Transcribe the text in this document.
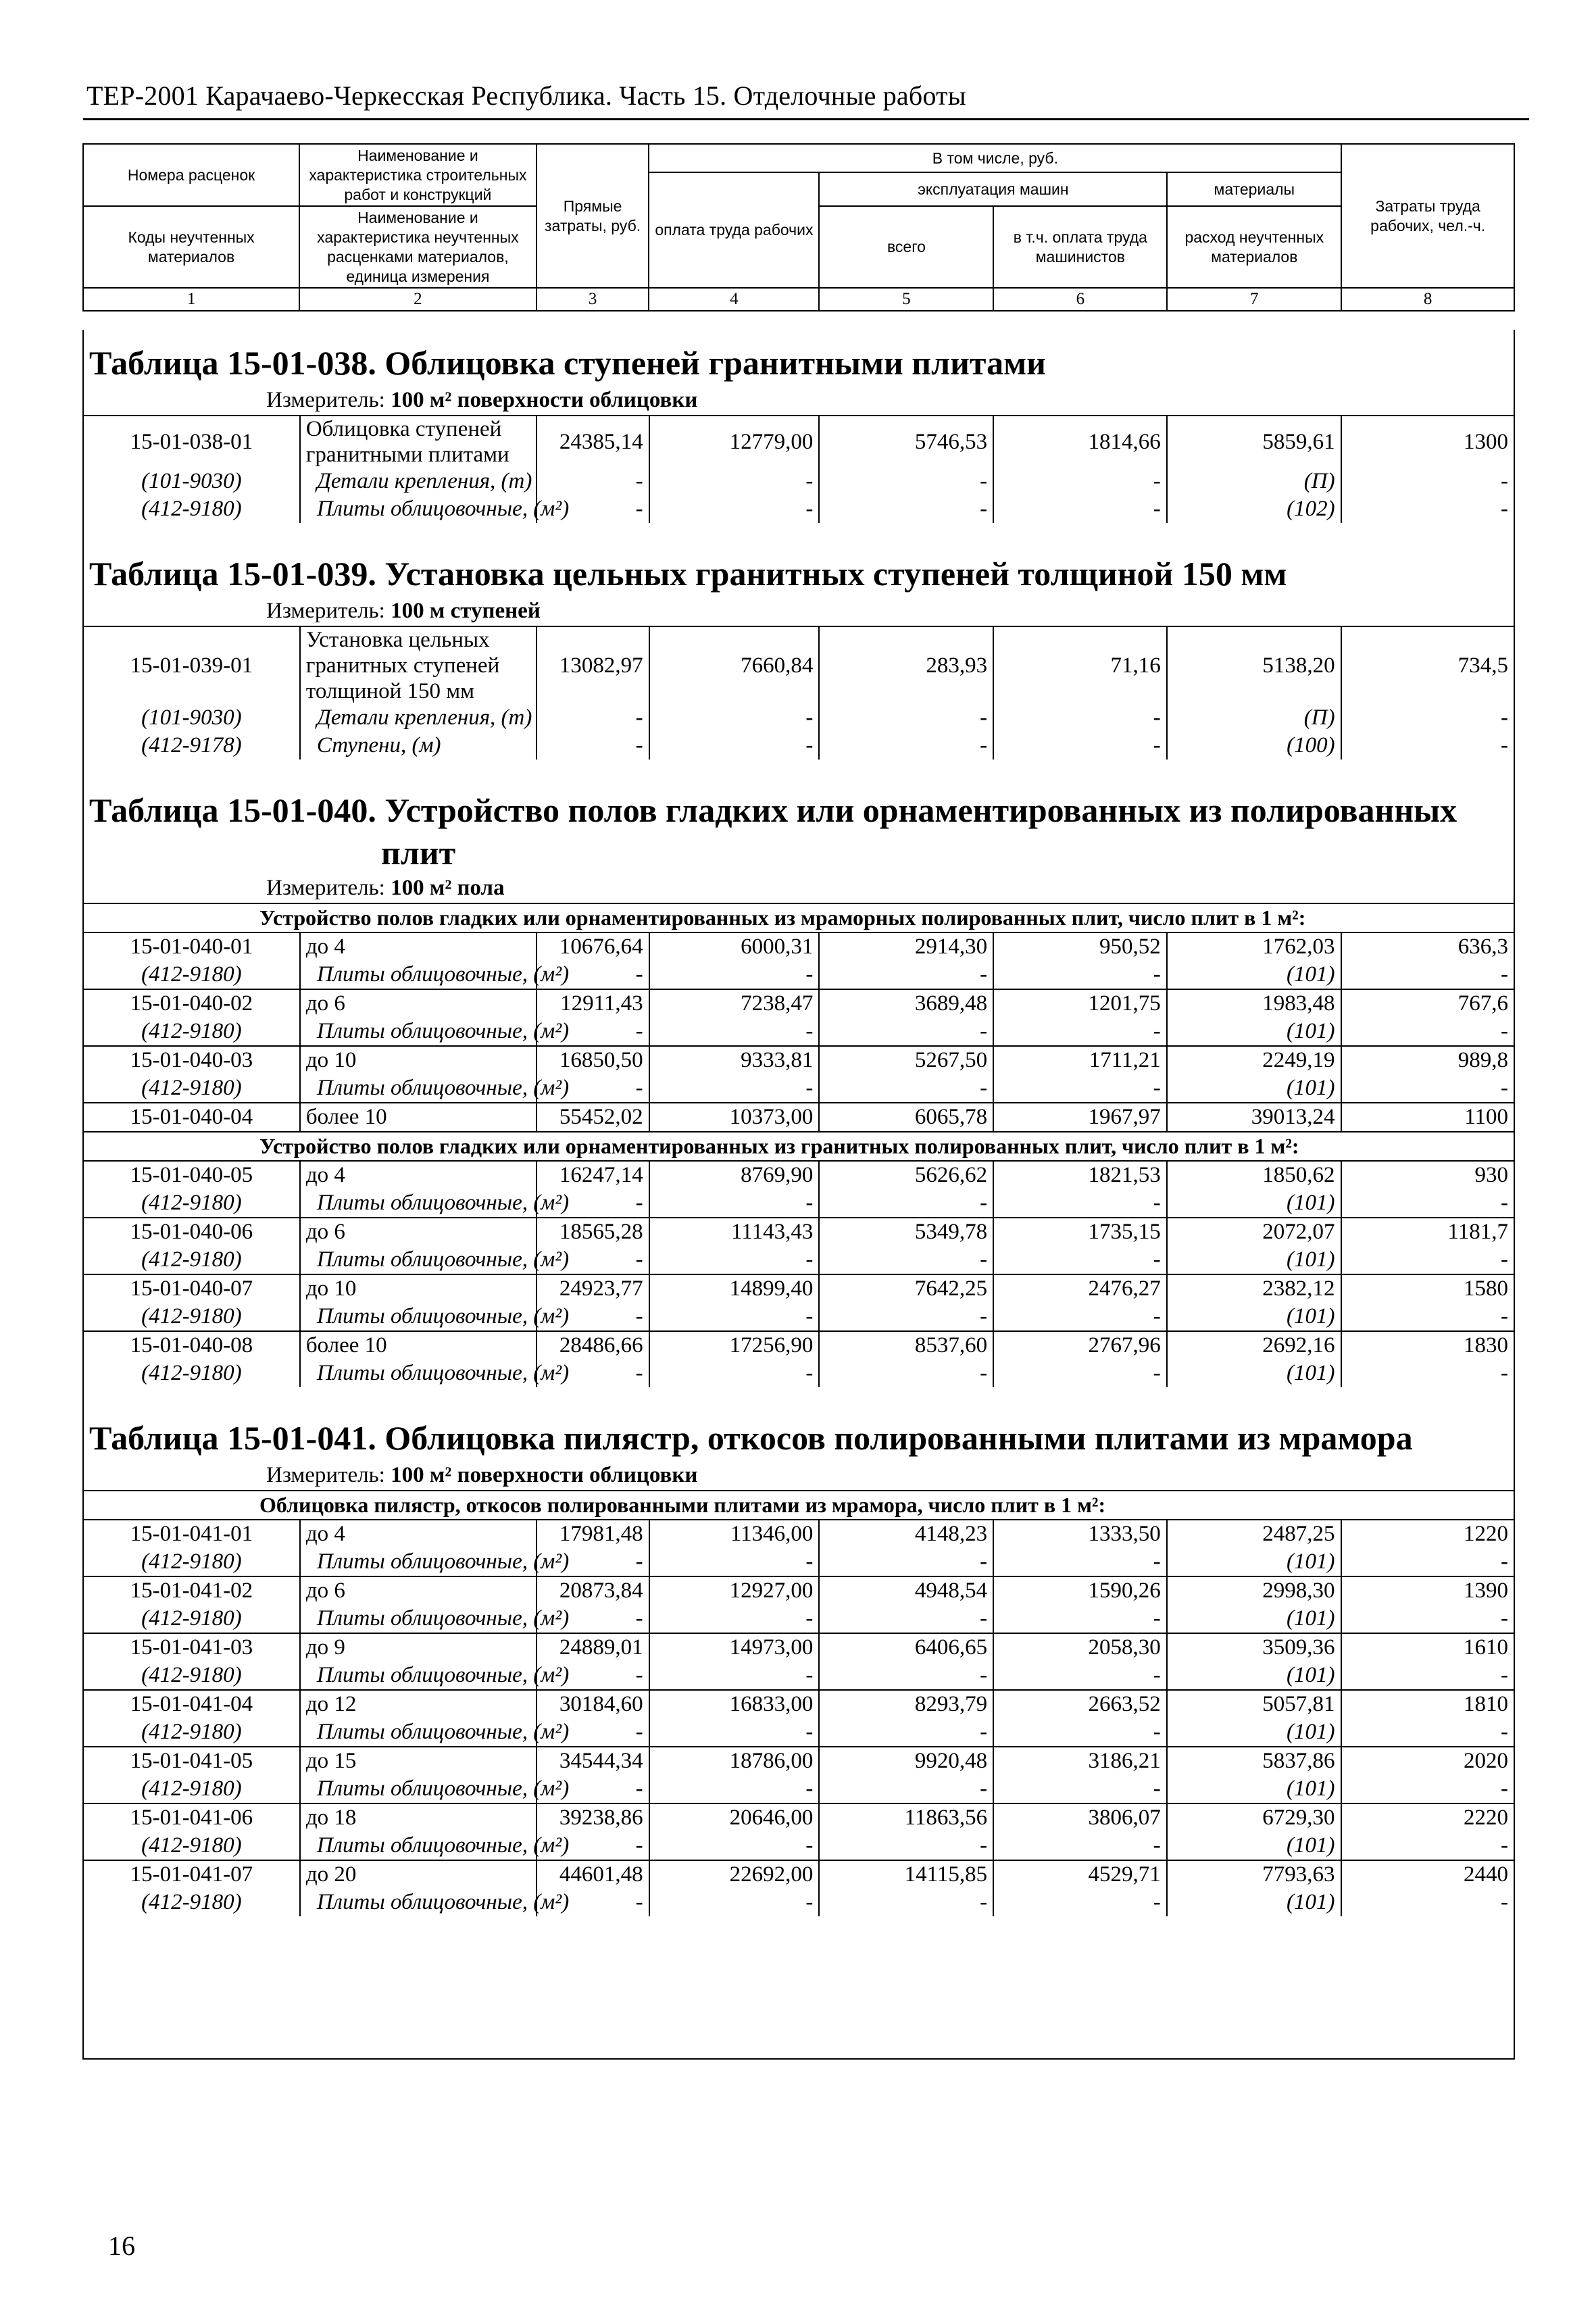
ТЕР-2001 Карачаево-Черкесская Республика. Часть 15. Отделочные работы
Номера расценок	Наименование и характеристика строительных работ и конструкций	Прямые затраты, руб.	В том числе, руб.				Затраты труда рабочих, чел.-ч.
			оплата труда рабочих	эксплуатация машин		материалы	
Коды неучтенных материалов	Наименование и характеристика неучтенных расценками материалов, единица измерения			всего	в т.ч. оплата труда машинистов	расход неучтенных материалов	

1	2	3	4	5	6	7	8
Таблица 15-01-038. Облицовка ступеней гранитными плитами
Измеритель: 100 м² поверхности облицовки
15-01-038-01	Облицовка ступеней гранитными плитами	24385,14	12779,00	5746,53	1814,66	5859,61	1300
(101-9030)	Детали крепления, (т)	-	-	-	-	(П)	-
(412-9180)	Плиты облицовочные, (м²)	-	-	-	-	(102)	-
Таблица 15-01-039. Установка цельных гранитных ступеней толщиной 150 мм
Измеритель: 100 м ступеней
15-01-039-01	Установка цельных гранитных ступеней толщиной 150 мм	13082,97	7660,84	283,93	71,16	5138,20	734,5
(101-9030)	Детали крепления, (т)	-	-	-	-	(П)	-
(412-9178)	Ступени, (м)	-	-	-	-	(100)	-
Таблица 15-01-040. Устройство полов гладких или орнаментированных из полированных
плит
Измеритель: 100 м² пола
Устройство полов гладких или орнаментированных из мраморных полированных плит, число плит в 1 м²:							
15-01-040-01	до 4	10676,64	6000,31	2914,30	950,52	1762,03	636,3
(412-9180)	Плиты облицовочные, (м²)	-	-	-	-	(101)	-
15-01-040-02	до 6	12911,43	7238,47	3689,48	1201,75	1983,48	767,6
(412-9180)	Плиты облицовочные, (м²)	-	-	-	-	(101)	-
15-01-040-03	до 10	16850,50	9333,81	5267,50	1711,21	2249,19	989,8
(412-9180)	Плиты облицовочные, (м²)	-	-	-	-	(101)	-
15-01-040-04	более 10	55452,02	10373,00	6065,78	1967,97	39013,24	1100
Устройство полов гладких или орнаментированных из гранитных полированных плит, число плит в 1 м²:							
15-01-040-05	до 4	16247,14	8769,90	5626,62	1821,53	1850,62	930
(412-9180)	Плиты облицовочные, (м²)	-	-	-	-	(101)	-
15-01-040-06	до 6	18565,28	11143,43	5349,78	1735,15	2072,07	1181,7
(412-9180)	Плиты облицовочные, (м²)	-	-	-	-	(101)	-
15-01-040-07	до 10	24923,77	14899,40	7642,25	2476,27	2382,12	1580
(412-9180)	Плиты облицовочные, (м²)	-	-	-	-	(101)	-
15-01-040-08	более 10	28486,66	17256,90	8537,60	2767,96	2692,16	1830
(412-9180)	Плиты облицовочные, (м²)	-	-	-	-	(101)	-
Таблица 15-01-041. Облицовка пилястр, откосов полированными плитами из мрамора
Измеритель: 100 м² поверхности облицовки
Облицовка пилястр, откосов полированными плитами из мрамора, число плит в 1 м²:							
15-01-041-01	до 4	17981,48	11346,00	4148,23	1333,50	2487,25	1220
(412-9180)	Плиты облицовочные, (м²)	-	-	-	-	(101)	-
15-01-041-02	до 6	20873,84	12927,00	4948,54	1590,26	2998,30	1390
(412-9180)	Плиты облицовочные, (м²)	-	-	-	-	(101)	-
15-01-041-03	до 9	24889,01	14973,00	6406,65	2058,30	3509,36	1610
(412-9180)	Плиты облицовочные, (м²)	-	-	-	-	(101)	-
15-01-041-04	до 12	30184,60	16833,00	8293,79	2663,52	5057,81	1810
(412-9180)	Плиты облицовочные, (м²)	-	-	-	-	(101)	-
15-01-041-05	до 15	34544,34	18786,00	9920,48	3186,21	5837,86	2020
(412-9180)	Плиты облицовочные, (м²)	-	-	-	-	(101)	-
15-01-041-06	до 18	39238,86	20646,00	11863,56	3806,07	6729,30	2220
(412-9180)	Плиты облицовочные, (м²)	-	-	-	-	(101)	-
15-01-041-07	до 20	44601,48	22692,00	14115,85	4529,71	7793,63	2440
(412-9180)	Плиты облицовочные, (м²)	-	-	-	-	(101)	-
16
